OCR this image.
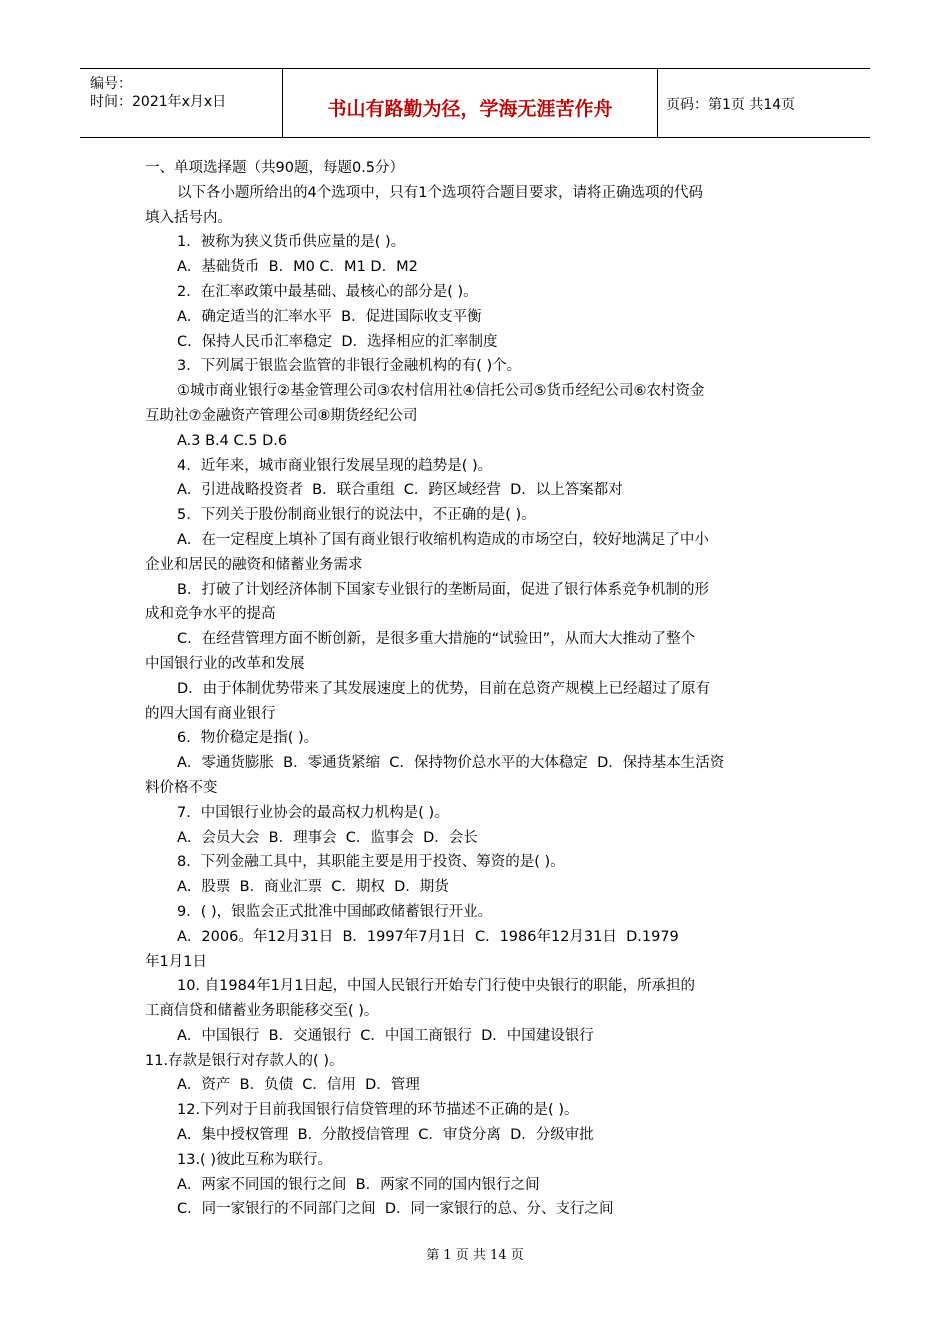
编号：
时间：2021年x月x日	书山有路勤为径，学海无涯苦作舟	页码：第1页 共14页

一、单项选择题（共90题，每题0.5分）

以下各小题所给出的4个选项中，只有1个选项符合题目要求，请将正确选项的代码

填入括号内。

1．被称为狭义货币供应量的是( )。

A．基础货币  B．M0 C．M1 D．M2

2．在汇率政策中最基础、最核心的部分是( )。

A．确定适当的汇率水平  B．促进国际收支平衡

C．保持人民币汇率稳定  D．选择相应的汇率制度

3．下列属于银监会监管的非银行金融机构的有( )个。

①城市商业银行②基金管理公司③农村信用社④信托公司⑤货币经纪公司⑥农村资金

互助社⑦金融资产管理公司⑧期货经纪公司

A.3 B.4 C.5 D.6

4．近年来，城市商业银行发展呈现的趋势是( )。

A．引进战略投资者  B．联合重组  C．跨区域经营  D．以上答案都对

5．下列关于股份制商业银行的说法中，不正确的是( )。

A．在一定程度上填补了国有商业银行收缩机构造成的市场空白，较好地满足了中小

企业和居民的融资和储蓄业务需求

B．打破了计划经济体制下国家专业银行的垄断局面，促进了银行体系竞争机制的形

成和竞争水平的提高

C．在经营管理方面不断创新，是很多重大措施的“试验田”，从而大大推动了整个

中国银行业的改革和发展

D．由于体制优势带来了其发展速度上的优势，目前在总资产规模上已经超过了原有

的四大国有商业银行

6．物价稳定是指( )。

A．零通货膨胀  B．零通货紧缩  C．保持物价总水平的大体稳定  D．保持基本生活资

料价格不变

7．中国银行业协会的最高权力机构是( )。

A．会员大会  B．理事会  C．监事会  D．会长

8．下列金融工具中，其职能主要是用于投资、筹资的是( )。

A．股票  B．商业汇票  C．期权  D．期货

9．( )，银监会正式批准中国邮政储蓄银行开业。

A．2006。年12月31日  B．1997年7月1日  C．1986年12月31日  D.1979

年1月1日

10. 自1984年1月1日起，中国人民银行开始专门行使中央银行的职能，所承担的

工商信贷和储蓄业务职能移交至( )。

A．中国银行  B．交通银行  C．中国工商银行  D．中国建设银行

11.存款是银行对存款人的( )。

A．资产  B．负债  C．信用  D．管理

12.下列对于目前我国银行信贷管理的环节描述不正确的是( )。

A．集中授权管理  B．分散授信管理  C．审贷分离  D．分级审批

13.( )彼此互称为联行。

A．两家不同国的银行之间  B．两家不同的国内银行之间

C．同一家银行的不同部门之间  D．同一家银行的总、分、支行之间

第 1 页 共 14 页
